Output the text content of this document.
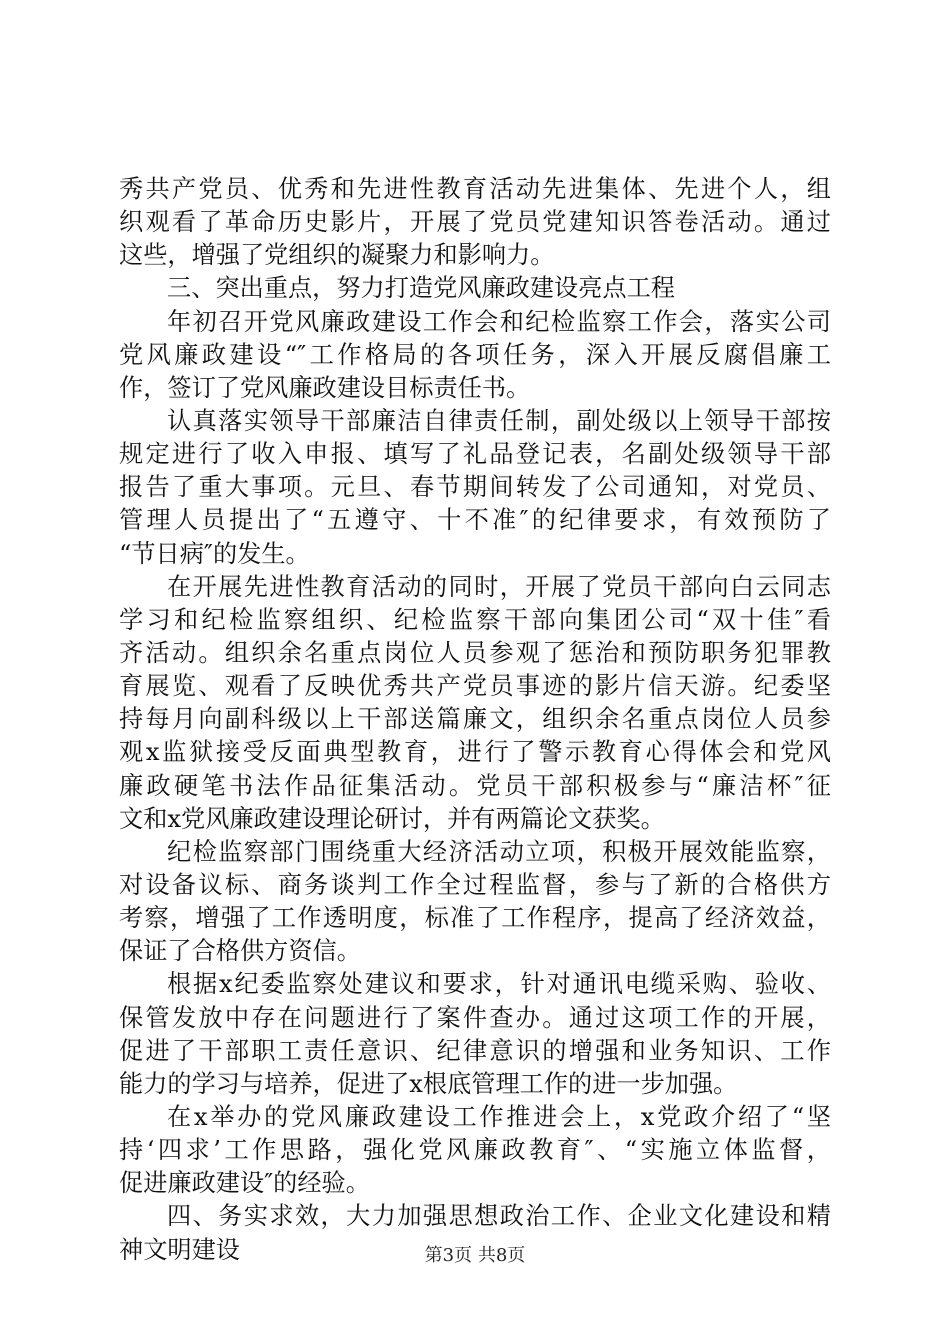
秀共产党员、优秀和先进性教育活动先进集体、先进个人，组
织观看了革命历史影片，开展了党员党建知识答卷活动。通过
这些，增强了党组织的凝聚力和影响力。
三、突出重点，努力打造党风廉政建设亮点工程
年初召开党风廉政建设工作会和纪检监察工作会，落实公司
党风廉政建设“″工作格局的各项任务，深入开展反腐倡廉工
作，签订了党风廉政建设目标责任书。
认真落实领导干部廉洁自律责任制，副处级以上领导干部按
规定进行了收入申报、填写了礼品登记表，名副处级领导干部
报告了重大事项。元旦、春节期间转发了公司通知，对党员、
管理人员提出了“五遵守、十不准″的纪律要求，有效预防了
“节日病″的发生。
在开展先进性教育活动的同时，开展了党员干部向白云同志
学习和纪检监察组织、纪检监察干部向集团公司“双十佳″看
齐活动。组织余名重点岗位人员参观了惩治和预防职务犯罪教
育展览、观看了反映优秀共产党员事迹的影片信天游。纪委坚
持每月向副科级以上干部送篇廉文，组织余名重点岗位人员参
观x监狱接受反面典型教育，进行了警示教育心得体会和党风
廉政硬笔书法作品征集活动。党员干部积极参与“廉洁杯″征
文和x党风廉政建设理论研讨，并有两篇论文获奖。
纪检监察部门围绕重大经济活动立项，积极开展效能监察，
对设备议标、商务谈判工作全过程监督，参与了新的合格供方
考察，增强了工作透明度，标准了工作程序，提高了经济效益，
保证了合格供方资信。
根据x纪委监察处建议和要求，针对通讯电缆采购、验收、
保管发放中存在问题进行了案件查办。通过这项工作的开展，
促进了干部职工责任意识、纪律意识的增强和业务知识、工作
能力的学习与培养，促进了x根底管理工作的进一步加强。
在x举办的党风廉政建设工作推进会上，x党政介绍了“坚
持‘四求’工作思路，强化党风廉政教育″、“实施立体监督，
促进廉政建设″的经验。
四、务实求效，大力加强思想政治工作、企业文化建设和精
神文明建设	第3页 共8页
